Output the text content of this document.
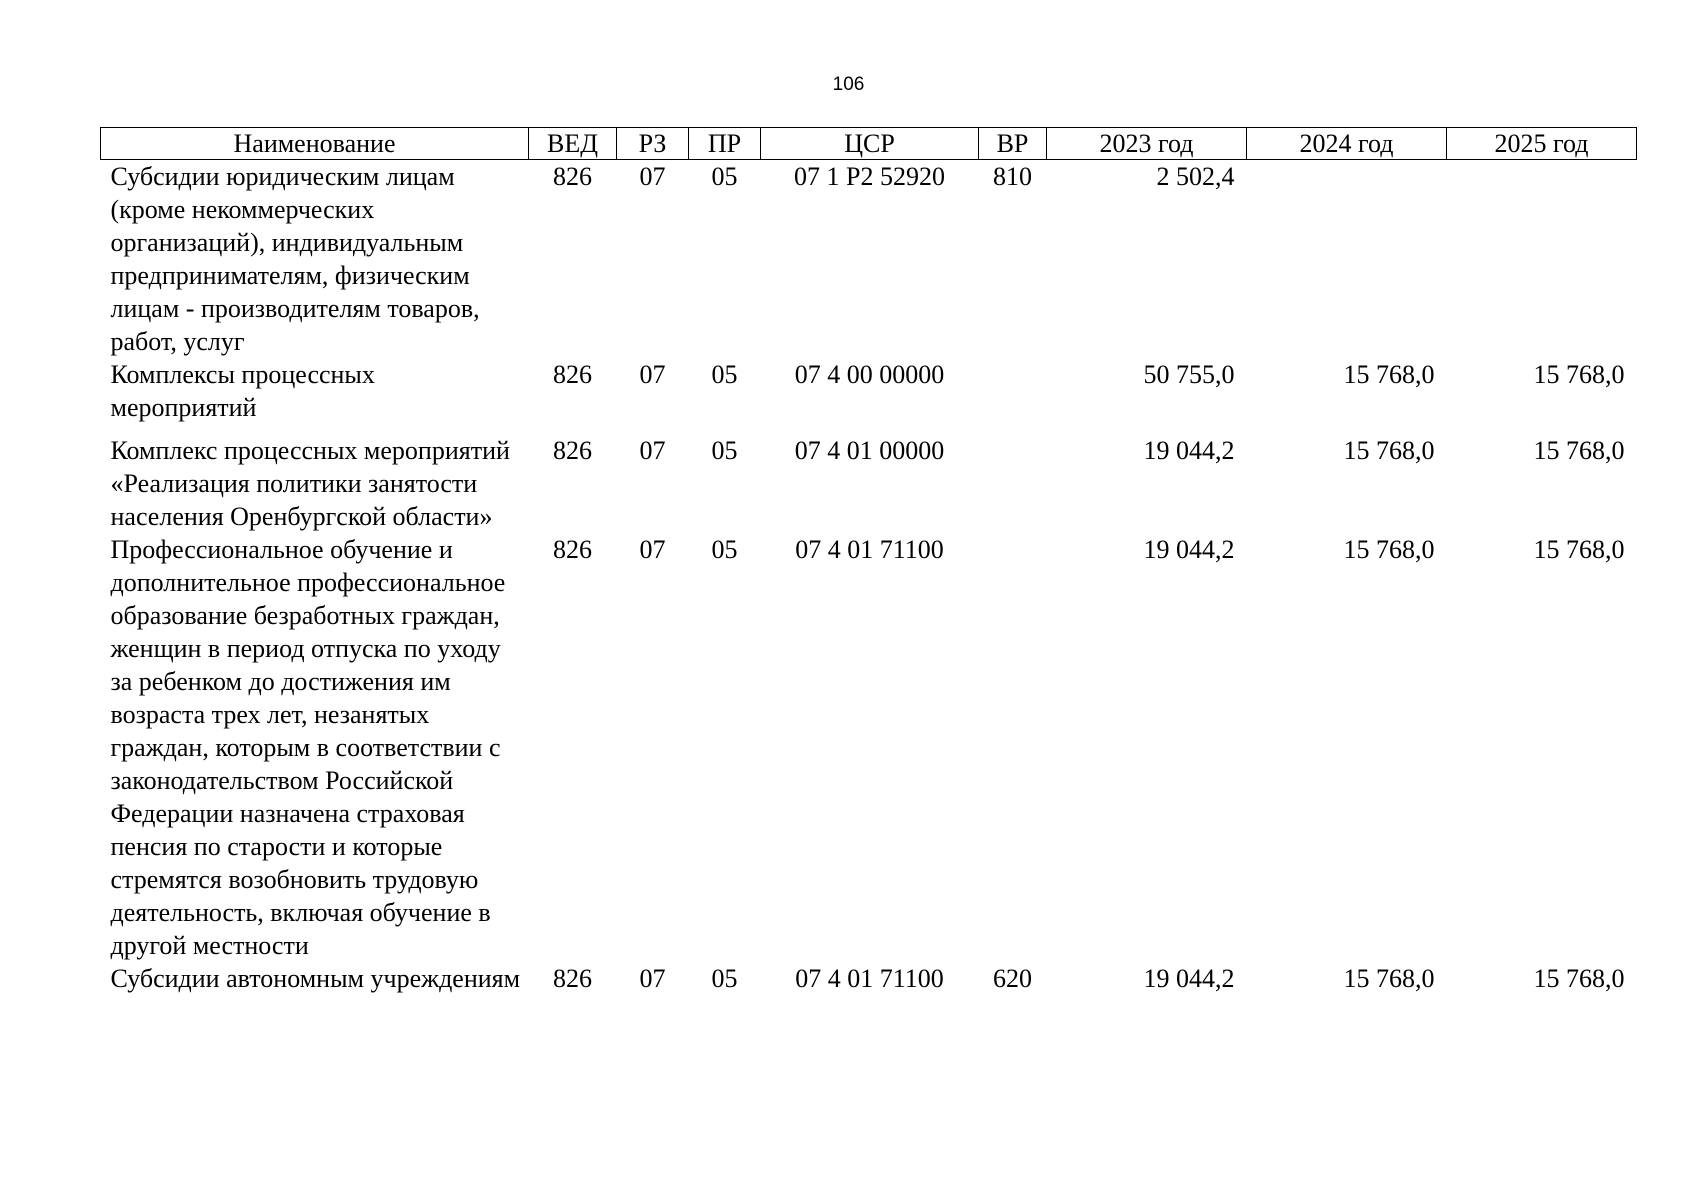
106
Наименование	ВЕД	РЗ	ПР	ЦСР	ВР	2023 год	2024 год	2025 год
Субсидии юридическим лицам (кроме некоммерческих организаций), индивидуальным предпринимателям, физическим лицам - производителям товаров, работ, услуг	826	07	05	07 1 Р2 52920	810	2 502,4		
Комплексы процессных мероприятий	826	07	05	07 4 00 00000		50 755,0	15 768,0	15 768,0
Комплекс процессных мероприятий «Реализация политики занятости населения Оренбургской области»	826	07	05	07 4 01 00000		19 044,2	15 768,0	15 768,0
Профессиональное обучение и дополнительное профессиональное образование безработных граждан, женщин в период отпуска по уходу за ребенком до достижения им возраста трех лет, незанятых граждан, которым в соответствии с законодательством Российской Федерации назначена страховая пенсия по старости и которые стремятся возобновить трудовую деятельность, включая обучение в другой местности	826	07	05	07 4 01 71100		19 044,2	15 768,0	15 768,0
Субсидии автономным учреждениям	826	07	05	07 4 01 71100	620	19 044,2	15 768,0	15 768,0
